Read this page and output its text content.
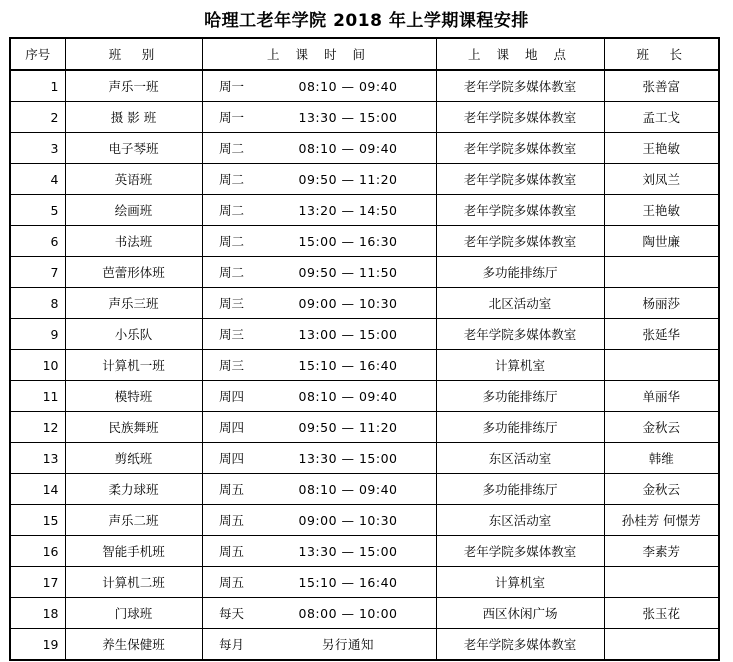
哈理工老年学院 2018 年上学期课程安排
序号	班　别	上 课 时 间	上 课 地 点	班　长
1	声乐一班	周一 08:10 — 09:40	老年学院多媒体教室	张善富
2	摄 影 班	周一 13:30 — 15:00	老年学院多媒体教室	孟工戈
3	电子琴班	周二 08:10 — 09:40	老年学院多媒体教室	王艳敏
4	英语班	周二 09:50 — 11:20	老年学院多媒体教室	刘凤兰
5	绘画班	周二 13:20 — 14:50	老年学院多媒体教室	王艳敏
6	书法班	周二 15:00 — 16:30	老年学院多媒体教室	陶世廉
7	芭蕾形体班	周二 09:50 — 11:50	多功能排练厅	
8	声乐三班	周三 09:00 — 10:30	北区活动室	杨丽莎
9	小乐队	周三 13:00 — 15:00	老年学院多媒体教室	张延华
10	计算机一班	周三 15:10 — 16:40	计算机室	
11	模特班	周四 08:10 — 09:40	多功能排练厅	单丽华
12	民族舞班	周四 09:50 — 11:20	多功能排练厅	金秋云
13	剪纸班	周四 13:30 — 15:00	东区活动室	韩维
14	柔力球班	周五 08:10 — 09:40	多功能排练厅	金秋云
15	声乐二班	周五 09:00 — 10:30	东区活动室	孙桂芳 何憬芳
16	智能手机班	周五 13:30 — 15:00	老年学院多媒体教室	李素芳
17	计算机二班	周五 15:10 — 16:40	计算机室	
18	门球班	每天 08:00 — 10:00	西区休闲广场	张玉花
19	养生保健班	每月 另行通知	老年学院多媒体教室	
